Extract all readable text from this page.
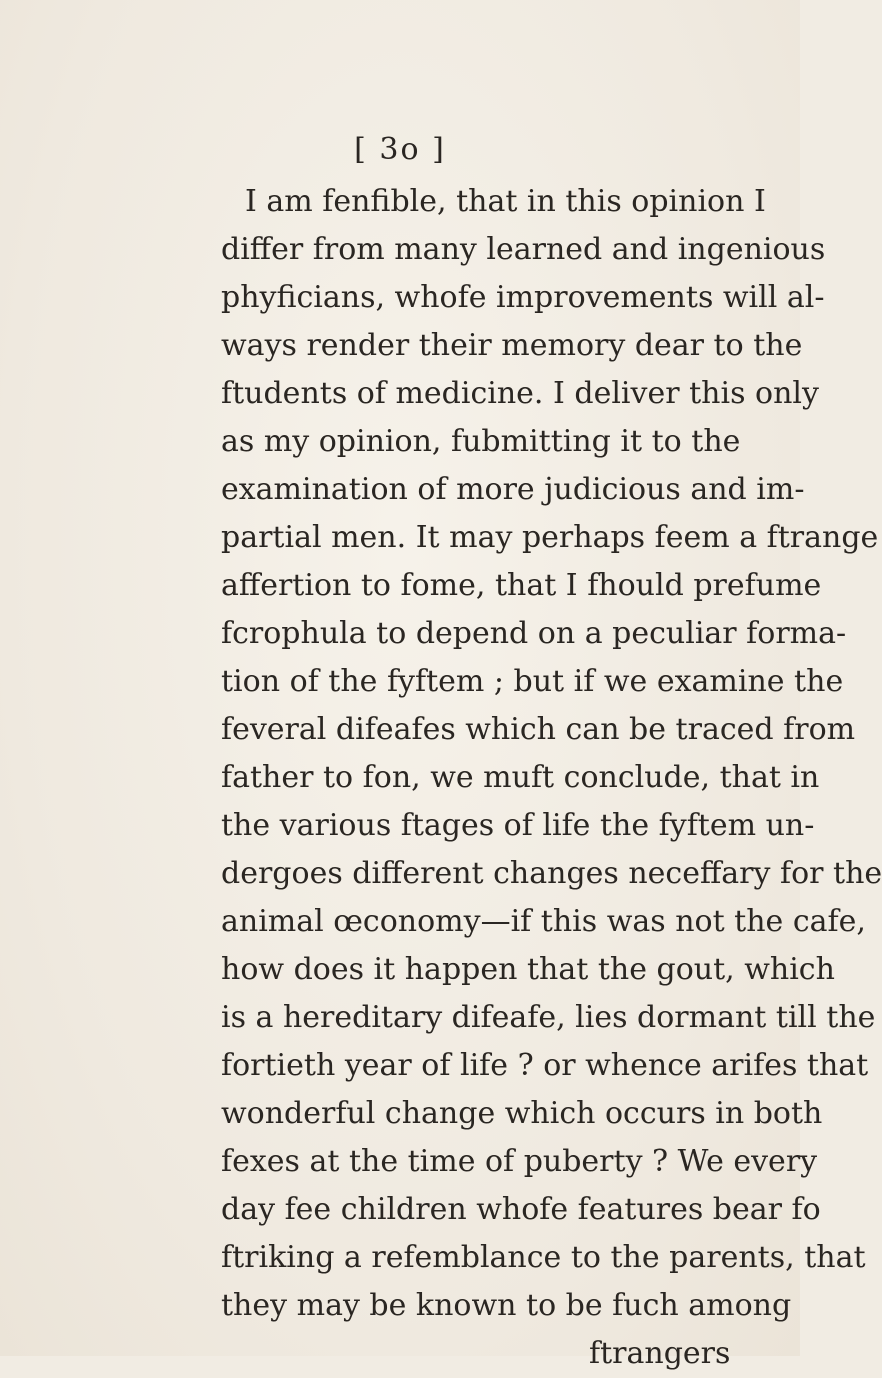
[ 3o ]
I am fenfible, that in this opinion I
differ from many learned and ingenious
phyficians, whofe improvements will al-
ways render their memory dear to the
ftudents of medicine. I deliver this only
as my opinion, fubmitting it to the
examination of more judicious and im-
partial men. It may perhaps feem a ftrange
affertion to fome, that I fhould prefume
fcrophula to depend on a peculiar forma-
tion of the fyftem ; but if we examine the
feveral difeafes which can be traced from
father to fon, we muft conclude, that in
the various ftages of life the fyftem un-
dergoes different changes neceffary for the
animal œconomy—if this was not the cafe,
how does it happen that the gout, which
is a hereditary difeafe, lies dormant till the
fortieth year of life ? or whence arifes that
wonderful change which occurs in both
fexes at the time of puberty ? We every
day fee children whofe features bear fo
ftriking a refemblance to the parents, that
they may be known to be fuch among
ftrangers
